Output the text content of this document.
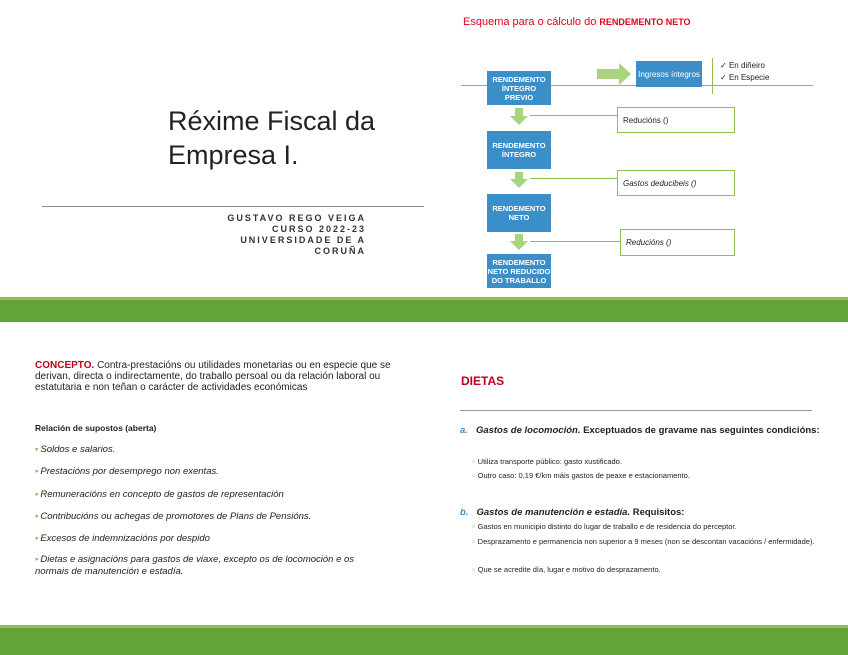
Réxime Fiscal da
Empresa I.
GUSTAVO REGO VEIGA
CURSO 2022-23
UNIVERSIDADE DE A
CORUÑA
Esquema para o cálculo do RENDEMENTO NETO
RENDEMENTO ÍNTEGRO PREVIO
Ingresos íntegros
✓ En diñeiro
✓ En Especie
Reducións ()
RENDEMENTO ÍNTEGRO
Gastos deducibeis ()
RENDEMENTO NETO
Reducións ()
RENDEMENTO NETO REDUCIDO DO TRABALLO
CONCEPTO. Contra-prestacións ou utilidades monetarias ou en especie que se derivan, directa o indirectamente, do traballo persoal ou da relación laboral ou estatutaria e non teñan o carácter de actividades económicas
Relación de supostos (aberta)
▪ Soldos e salarios.
▪ Prestacións por desemprego non exentas.
▪ Remuneracións en concepto de gastos de representación
▪ Contribucións ou achegas de promotores de Plans de Pensións.
▪ Excesos de indemnizacións por despido
▪ Dietas e asignacións para gastos de viaxe, excepto os de locomoción e os normais de manutención e estadía.
DIETAS
a. Gastos de locomoción. Exceptuados de gravame nas seguintes condicións:
▫ Utiliza transporte público: gasto xustificado.
▫ Outro caso: 0,19 €/km máis gastos de peaxe e estacionamento.
b. Gastos de manutención e estadía. Requisitos:
▫ Gastos en municipio distinto do lugar de traballo e de residencia do perceptor.
▫ Desprazamento e permanencia non superior a 9 meses (non se descontan vacacións / enfermidade).
▫ Que se acredite día, lugar e motivo do desprazamento.
